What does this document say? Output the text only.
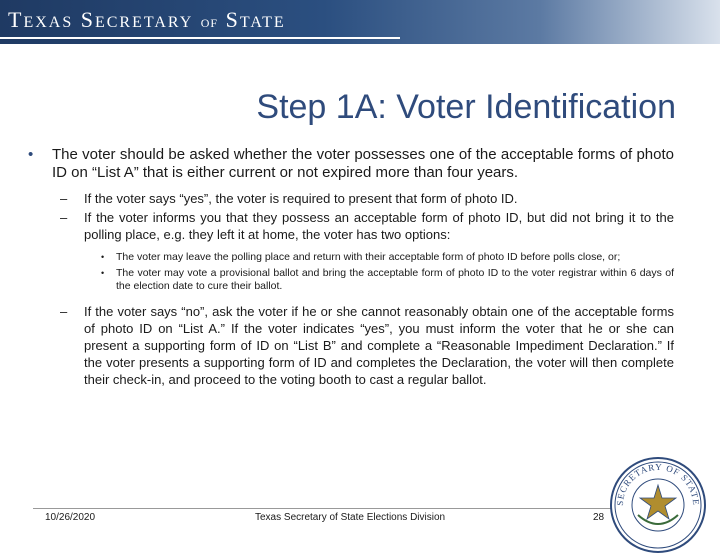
TEXAS SECRETARY OF STATE
Step 1A: Voter Identification
• The voter should be asked whether the voter possesses one of the acceptable forms of photo ID on “List A” that is either current or not expired more than four years.
– If the voter says “yes”, the voter is required to present that form of photo ID.
– If the voter informs you that they possess an acceptable form of photo ID, but did not bring it to the polling place, e.g. they left it at home, the voter has two options:
• The voter may leave the polling place and return with their acceptable form of photo ID before polls close, or;
• The voter may vote a provisional ballot and bring the acceptable form of photo ID to the voter registrar within 6 days of the election date to cure their ballot.
– If the voter says “no”, ask the voter if he or she cannot reasonably obtain one of the acceptable forms of photo ID on “List A.” If the voter indicates “yes”, you must inform the voter that he or she can present a supporting form of ID on “List B” and complete a “Reasonable Impediment Declaration.” If the voter presents a supporting form of ID and completes the Declaration, the voter will then complete their check-in, and proceed to the voting booth to cast a regular ballot.
10/26/2020	Texas Secretary of State Elections Division	28
SECRETARY OF STATE
